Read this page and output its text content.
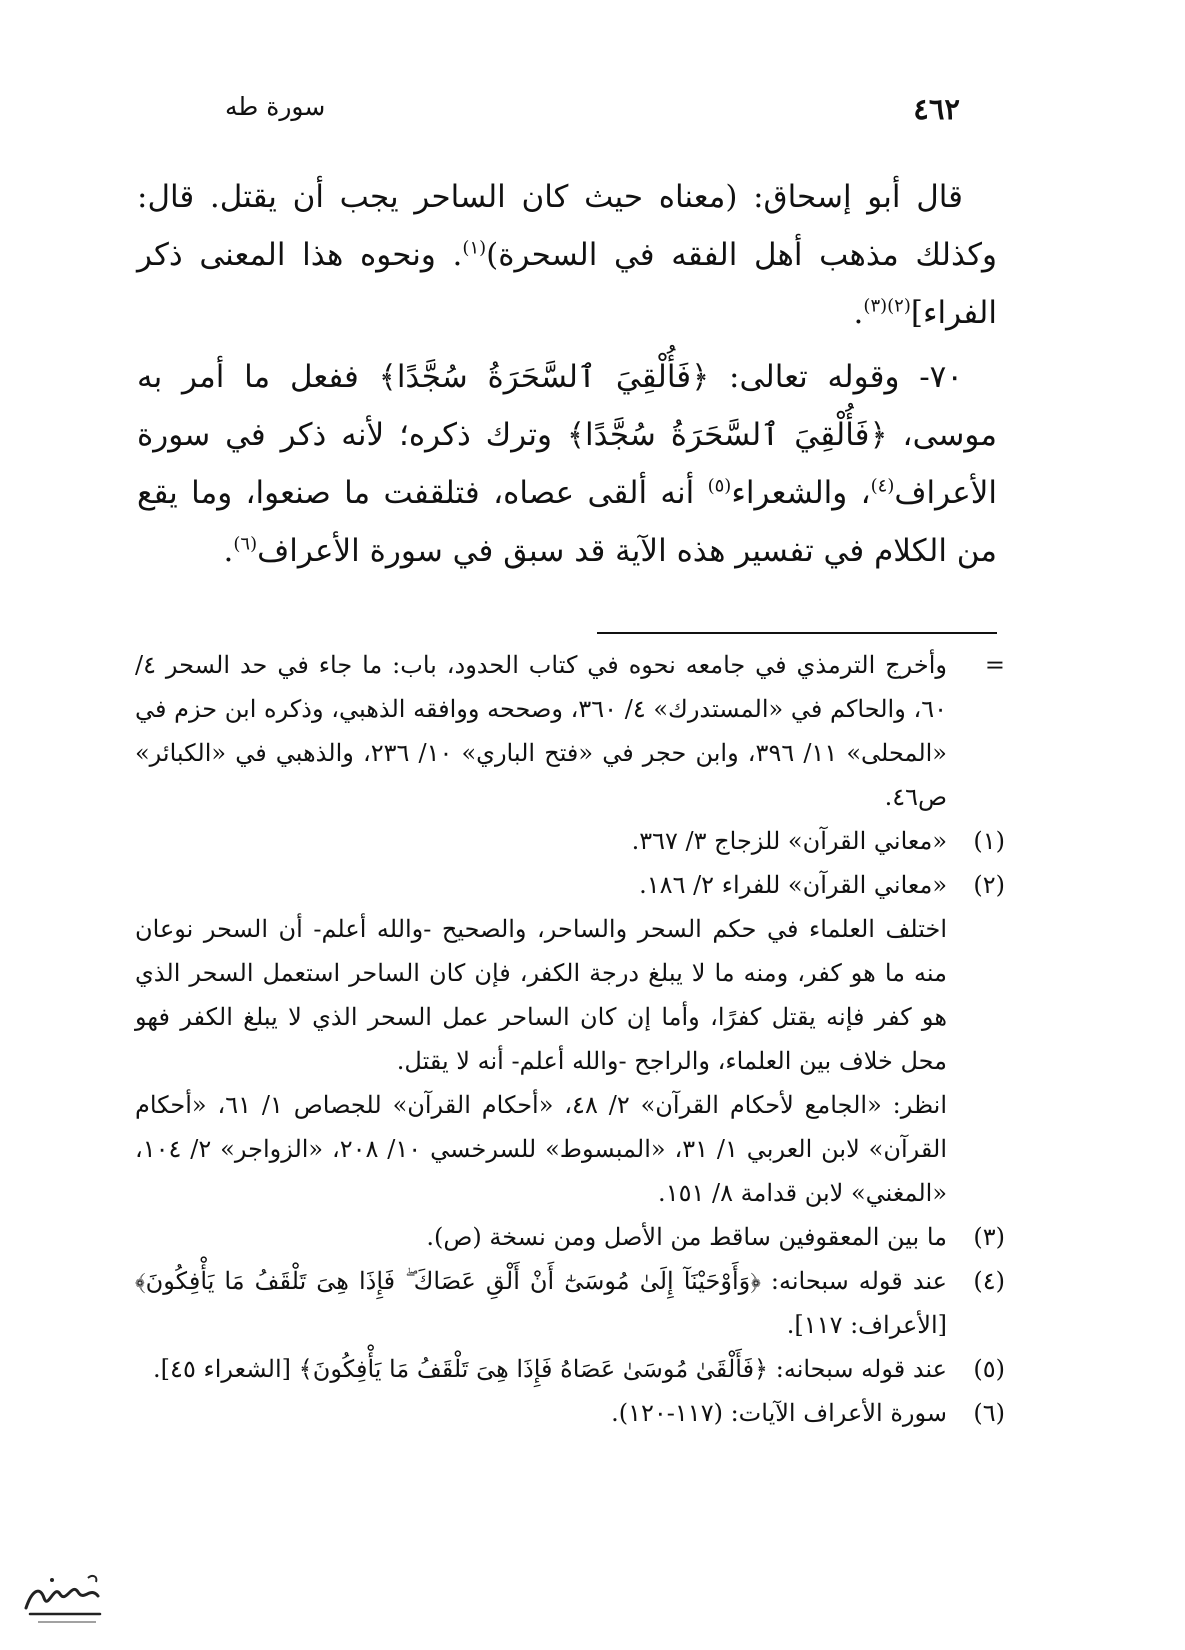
٤٦٢
سورة طه

قال أبو إسحاق: (معناه حيث كان الساحر يجب أن يقتل. قال: وكذلك مذهب أهل الفقه في السحرة)$^{(١)}$. ونحوه هذا المعنى ذكر الفراء]$^{(٢)(٣)}$.

٧٠- وقوله تعالى: ﴿فَأُلْقِيَ ٱلسَّحَرَةُ سُجَّدًا﴾ ففعل ما أمر به موسى، ﴿فَأُلْقِيَ ٱلسَّحَرَةُ سُجَّدًا﴾ وترك ذكره؛ لأنه ذكر في سورة الأعراف$^{(٤)}$، والشعراء$^{(٥)}$ أنه ألقى عصاه، فتلقفت ما صنعوا، وما يقع من الكلام في تفسير هذه الآية قد سبق في سورة الأعراف$^{(٦)}$.

=
وأخرج الترمذي في جامعه نحوه في كتاب الحدود، باب: ما جاء في حد السحر ٤/ ٦٠، والحاكم في «المستدرك» ٤/ ٣٦٠، وصححه ووافقه الذهبي، وذكره ابن حزم في «المحلى» ١١/ ٣٩٦، وابن حجر في «فتح الباري» ١٠/ ٢٣٦، والذهبي في «الكبائر» ص٤٦.
(١)
«معاني القرآن» للزجاج ٣/ ٣٦٧.
(٢)
«معاني القرآن» للفراء ٢/ ١٨٦.

اختلف العلماء في حكم السحر والساحر، والصحيح -والله أعلم- أن السحر نوعان منه ما هو كفر، ومنه ما لا يبلغ درجة الكفر، فإن كان الساحر استعمل السحر الذي هو كفر فإنه يقتل كفرًا، وأما إن كان الساحر عمل السحر الذي لا يبلغ الكفر فهو محل خلاف بين العلماء، والراجح -والله أعلم- أنه لا يقتل.

انظر: «الجامع لأحكام القرآن» ٢/ ٤٨، «أحكام القرآن» للجصاص ١/ ٦١، «أحكام القرآن» لابن العربي ١/ ٣١، «المبسوط» للسرخسي ١٠/ ٢٠٨، «الزواجر» ٢/ ١٠٤، «المغني» لابن قدامة ٨/ ١٥١.

(٣)
ما بين المعقوفين ساقط من الأصل ومن نسخة (ص).
(٤)
عند قوله سبحانه: ﴿وَأَوْحَيْنَآ إِلَىٰ مُوسَىٰٓ أَنْ أَلْقِ عَصَاكَ ۖ فَإِذَا هِىَ تَلْقَفُ مَا يَأْفِكُونَ﴾ [الأعراف: ١١٧].
(٥)
عند قوله سبحانه: ﴿فَأَلْقَىٰ مُوسَىٰ عَصَاهُ فَإِذَا هِىَ تَلْقَفُ مَا يَأْفِكُونَ﴾ [الشعراء ٤٥].
(٦)
سورة الأعراف الآيات: (١١٧-١٢٠).
